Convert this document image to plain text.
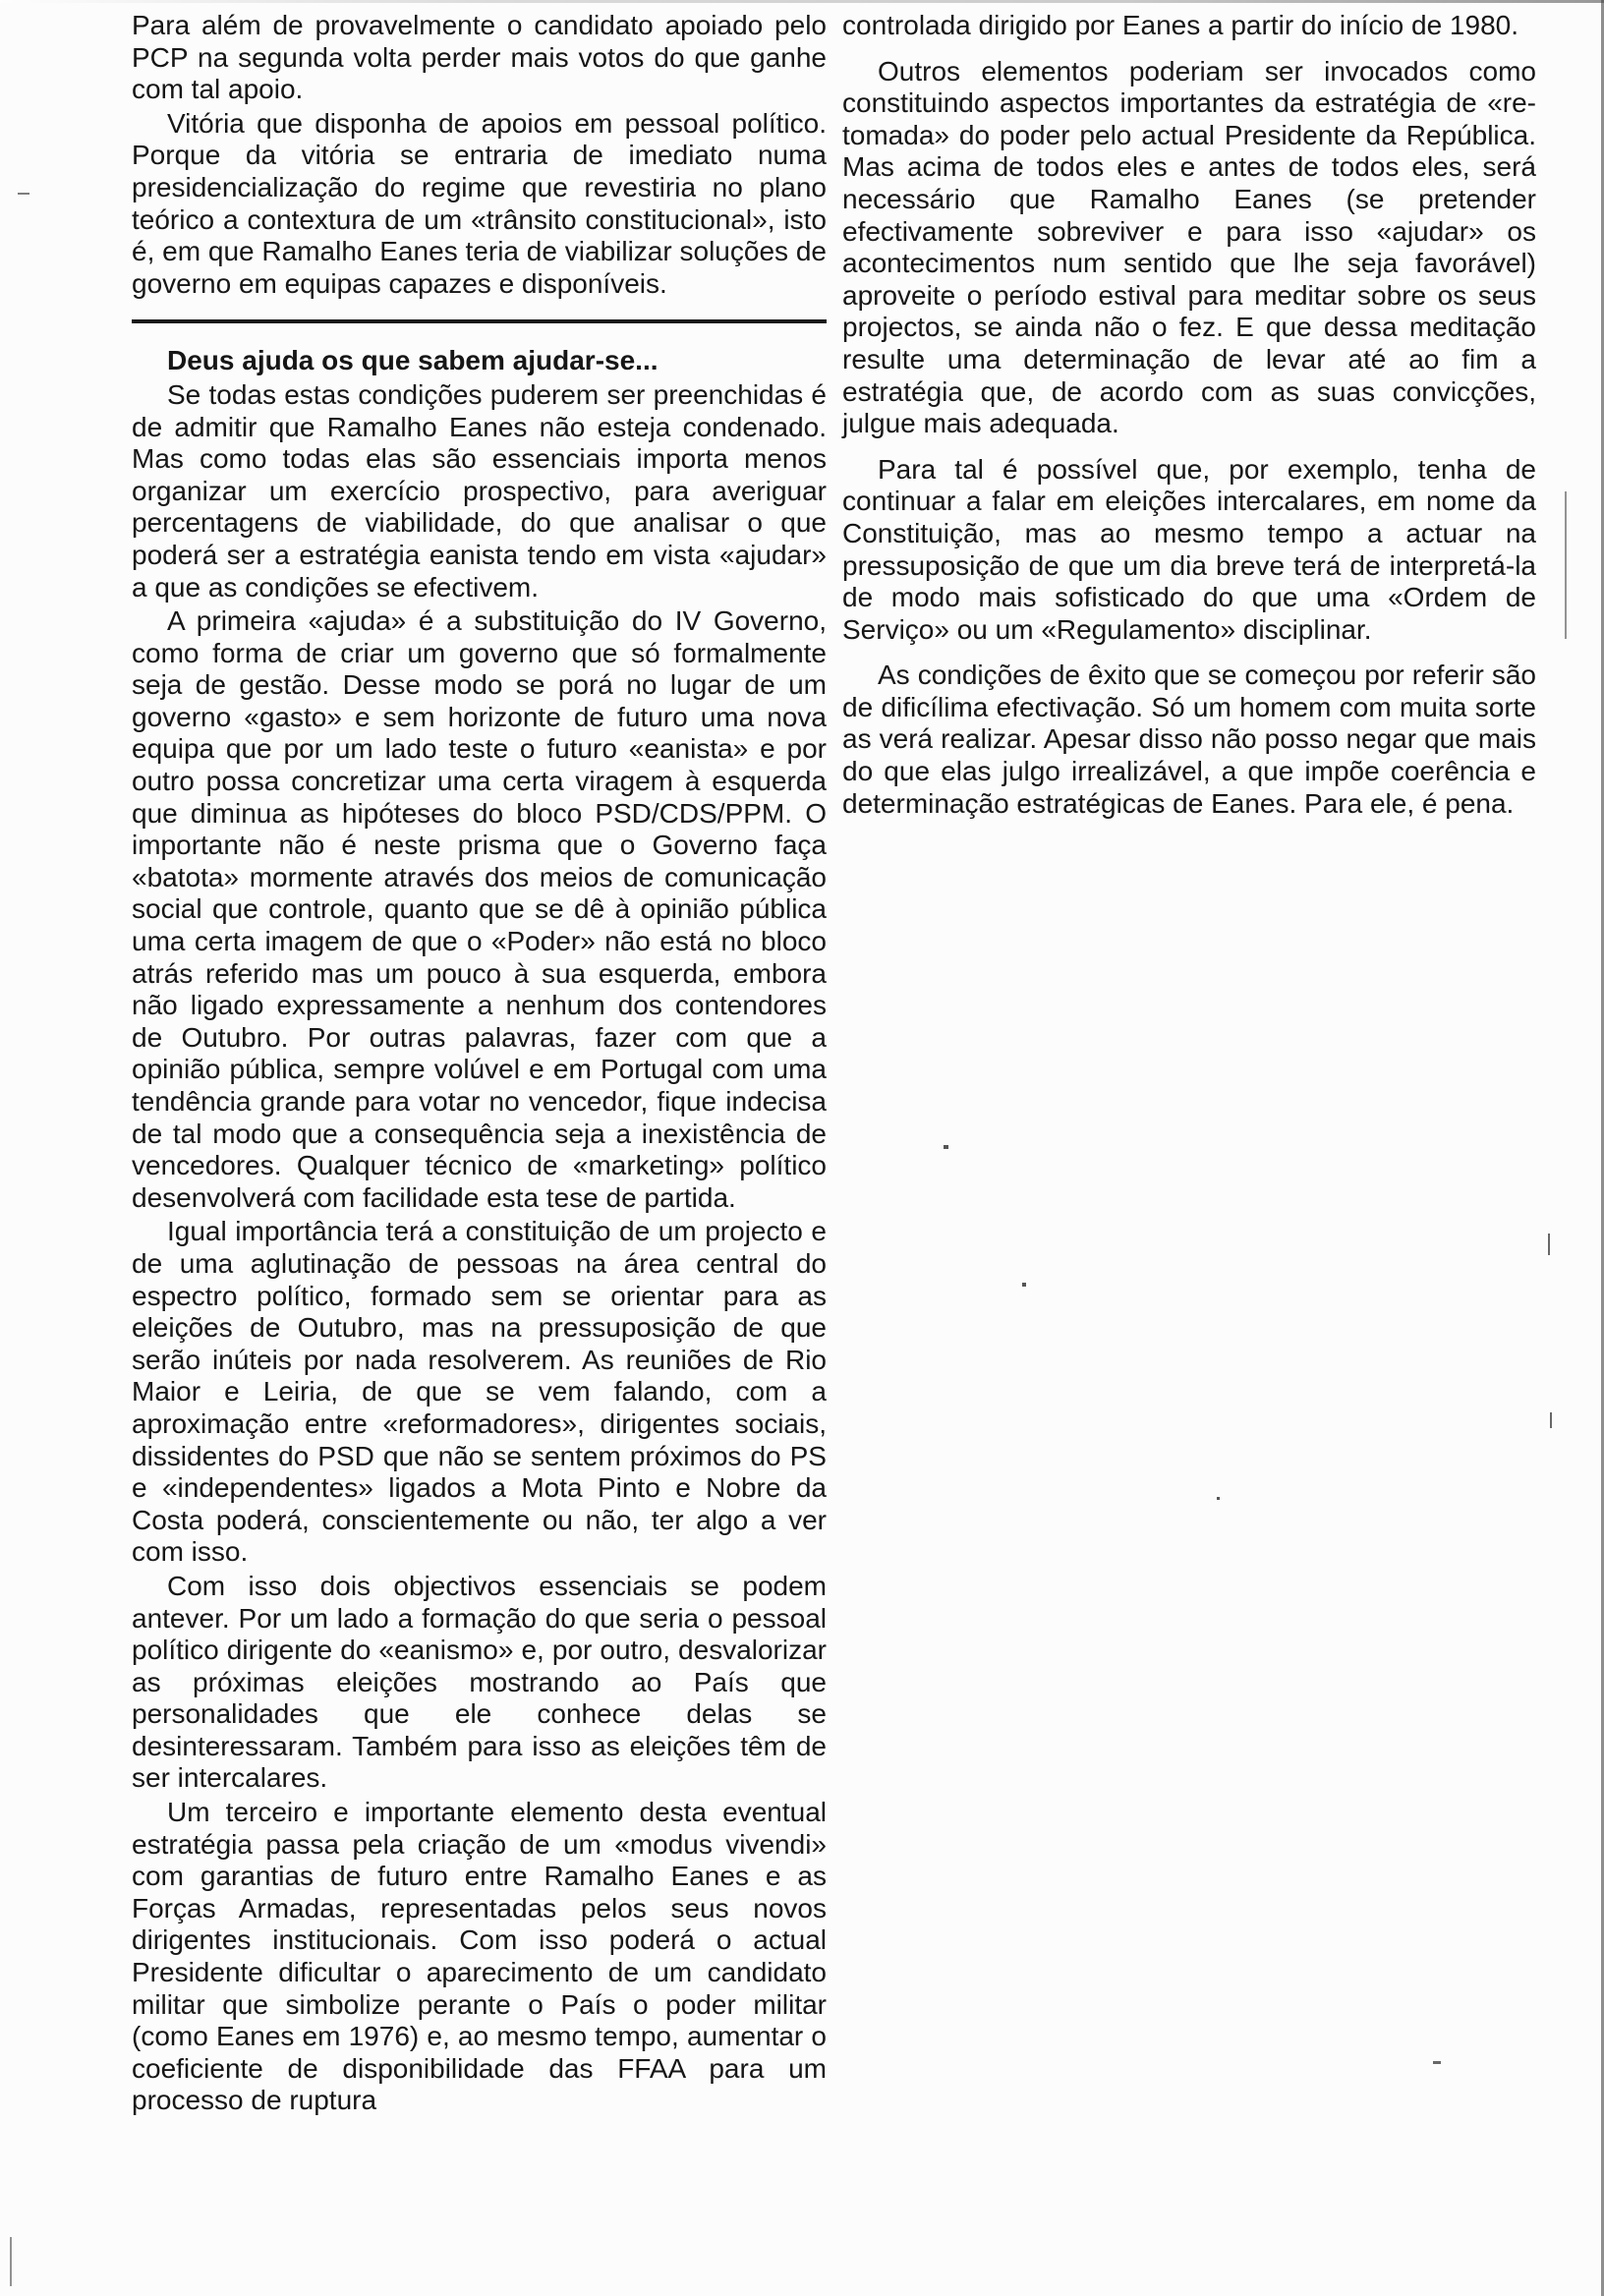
Para além de provavelmente o candidato apoiado pelo PCP na segunda volta perder mais votos do que ganhe com tal apoio.

Vitória que disponha de apoios em pessoal político. Porque da vitória se entraria de imediato numa presidencialização do regime que revestiria no plano teórico a contextura de um «trânsito constitucional», isto é, em que Ramalho Eanes teria de viabilizar soluções de governo em equipas capazes e disponíveis.

Deus ajuda os que sabem ajudar-se...

Se todas estas condições puderem ser preenchidas é de admitir que Ramalho Eanes não esteja condenado. Mas como todas elas são essenciais importa menos organizar um exercício prospectivo, para averiguar percentagens de viabilidade, do que analisar o que poderá ser a estratégia eanista tendo em vista «ajudar» a que as condições se efectivem.

A primeira «ajuda» é a substituição do IV Governo, como forma de criar um governo que só formalmente seja de gestão. Desse modo se porá no lugar de um governo «gasto» e sem horizonte de futuro uma nova equipa que por um lado teste o futuro «eanista» e por outro possa concretizar uma certa viragem à esquerda que diminua as hipóteses do bloco PSD/CDS/PPM. O importante não é neste prisma que o Governo faça «batota» mormente através dos meios de comunicação social que controle, quanto que se dê à opinião pública uma certa imagem de que o «Poder» não está no bloco atrás referido mas um pouco à sua esquerda, embora não ligado expressamente a nenhum dos contendores de Outubro. Por outras palavras, fazer com que a opinião pública, sempre volúvel e em Portugal com uma tendência grande para votar no vencedor, fique indecisa de tal modo que a consequência seja a inexistência de vencedores. Qualquer técnico de «marketing» político desenvolverá com facilidade esta tese de partida.

Igual importância terá a constituição de um projecto e de uma aglutinação de pessoas na área central do espectro político, formado sem se orientar para as eleições de Outubro, mas na pressuposição de que serão inúteis por nada resolverem. As reuniões de Rio Maior e Leiria, de que se vem falando, com a aproximação entre «reformadores», dirigentes sociais, dissidentes do PSD que não se sentem próximos do PS e «independentes» ligados a Mota Pinto e Nobre da Costa poderá, conscientemente ou não, ter algo a ver com isso.

Com isso dois objectivos essenciais se podem antever. Por um lado a formação do que seria o pessoal político dirigente do «eanismo» e, por outro, desvalorizar as próximas eleições mostrando ao País que personalidades que ele conhece delas se desinteressaram. Também para isso as eleições têm de ser intercalares.

Um terceiro e importante elemento desta eventual estratégia passa pela criação de um «modus vivendi» com garantias de futuro entre Ramalho Eanes e as Forças Armadas, representadas pelos seus novos dirigentes institucionais. Com isso poderá o actual Presidente dificultar o aparecimento de um candidato militar que simbolize perante o País o poder militar (como Eanes em 1976) e, ao mesmo tempo, aumentar o coeficiente de disponibilidade das FFAA para um processo de ruptura

controlada dirigido por Eanes a partir do início de 1980.

Outros elementos poderiam ser invocados como constituindo aspectos importantes da estratégia de «re-tomada» do poder pelo actual Presidente da República. Mas acima de todos eles e antes de todos eles, será necessário que Ramalho Eanes (se pretender efectivamente sobreviver e para isso «ajudar» os acontecimentos num sentido que lhe seja favorável) aproveite o período estival para meditar sobre os seus projectos, se ainda não o fez. E que dessa meditação resulte uma determinação de levar até ao fim a estratégia que, de acordo com as suas convicções, julgue mais adequada.

Para tal é possível que, por exemplo, tenha de continuar a falar em eleições intercalares, em nome da Constituição, mas ao mesmo tempo a actuar na pressuposição de que um dia breve terá de interpretá-la de modo mais sofisticado do que uma «Ordem de Serviço» ou um «Regulamento» disciplinar.

As condições de êxito que se começou por referir são de dificílima efectivação. Só um homem com muita sorte as verá realizar. Apesar disso não posso negar que mais do que elas julgo irrealizável, a que impõe coerência e determinação estratégicas de Eanes. Para ele, é pena.
